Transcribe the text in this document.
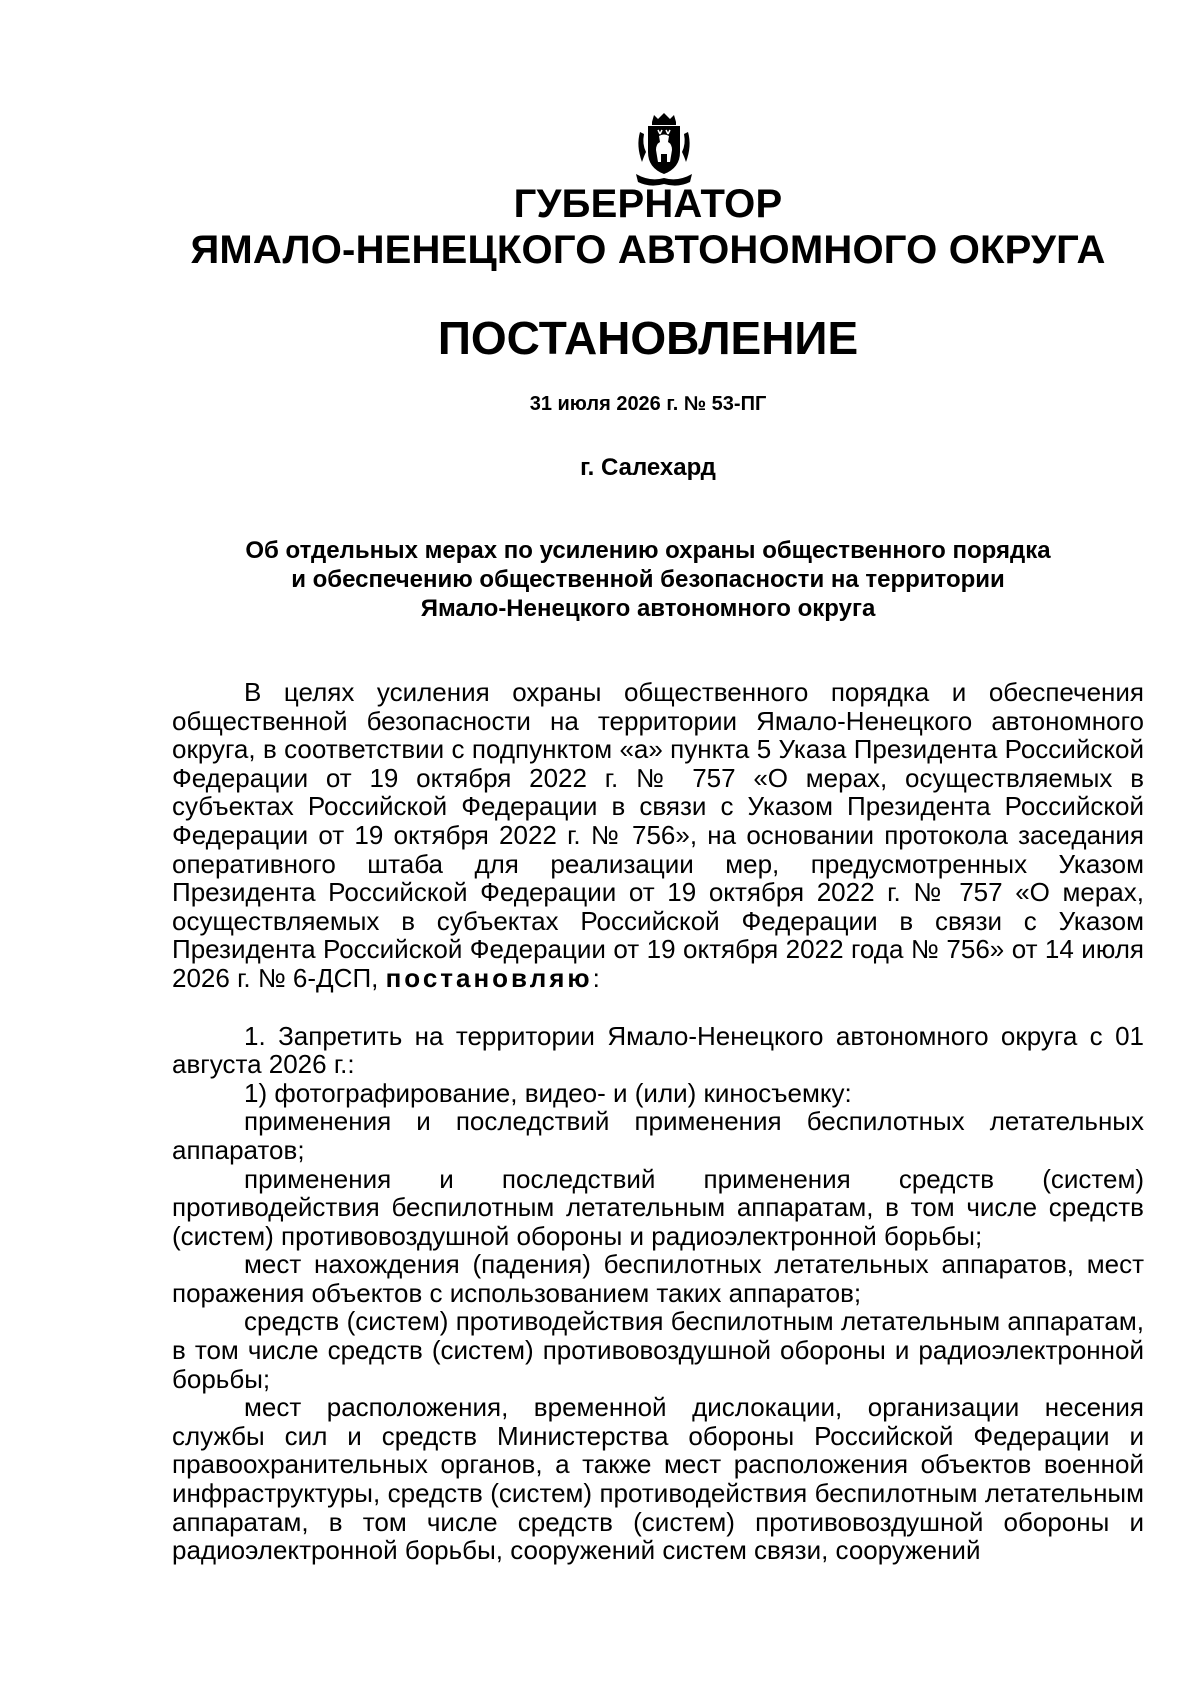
ГУБЕРНАТОР
ЯМАЛО-НЕНЕЦКОГО АВТОНОМНОГО ОКРУГА
ПОСТАНОВЛЕНИЕ
31 июля 2026 г. № 53-ПГ
г. Салехард
Об отдельных мерах по усилению охраны общественного порядка
и обеспечению общественной безопасности на территории
Ямало-Ненецкого автономного округа

В целях усиления охраны общественного порядка и обеспечения общественной безопасности на территории Ямало-Ненецкого автономного округа, в соответствии с подпунктом «а» пункта 5 Указа Президента Российской Федерации от 19 октября 2022 г. № 757 «О мерах, осуществляемых в субъектах Российской Федерации в связи с Указом Президента Российской Федерации от 19 октября 2022 г. № 756», на основании протокола заседания оперативного штаба для реализации мер, предусмотренных Указом Президента Российской Федерации от 19 октября 2022 г. № 757 «О мерах, осуществляемых в субъектах Российской Федерации в связи с Указом Президента Российской Федерации от 19 октября 2022 года № 756» от 14 июля 2026 г. № 6-ДСП, постановляю:

1. Запретить на территории Ямало-Ненецкого автономного округа с 01 августа 2026 г.:

1) фотографирование, видео- и (или) киносъемку:

применения и последствий применения беспилотных летательных аппаратов;

применения и последствий применения средств (систем) противодействия беспилотным летательным аппаратам, в том числе средств (систем) противовоздушной обороны и радиоэлектронной борьбы;

мест нахождения (падения) беспилотных летательных аппаратов, мест поражения объектов с использованием таких аппаратов;

средств (систем) противодействия беспилотным летательным аппаратам, в том числе средств (систем) противовоздушной обороны и радиоэлектронной борьбы;

мест расположения, временной дислокации, организации несения службы сил и средств Министерства обороны Российской Федерации и правоохранительных органов, а также мест расположения объектов военной инфраструктуры, средств (систем) противодействия беспилотным летательным аппаратам, в том числе средств (систем) противовоздушной обороны и радиоэлектронной борьбы, сооружений систем связи, сооружений
